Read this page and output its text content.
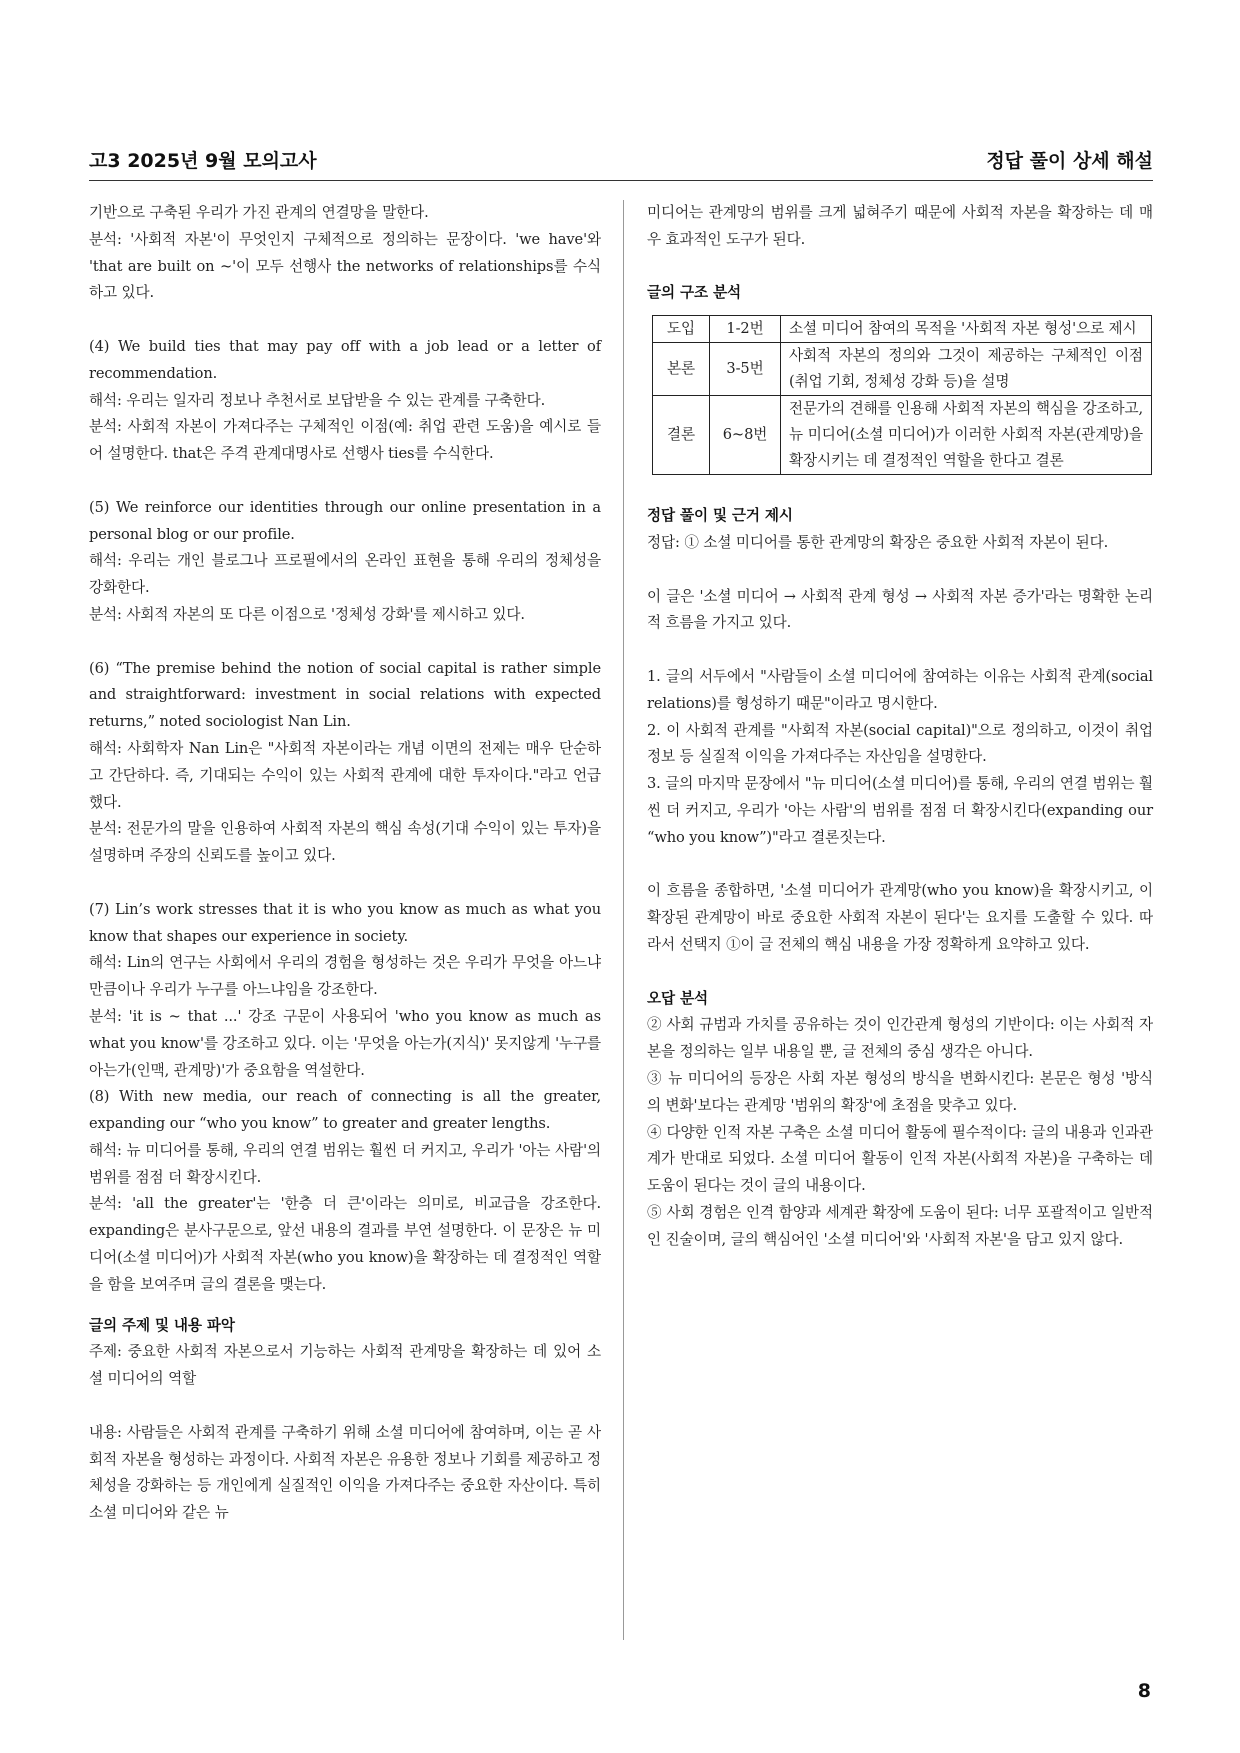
고3 2025년 9월 모의고사	정답 풀이 상세 해설

기반으로 구축된 우리가 가진 관계의 연결망을 말한다.

분석: '사회적 자본'이 무엇인지 구체적으로 정의하는 문장이다. 'we have'와 'that are built on ~'이 모두 선행사 the networks of relationships를 수식하고 있다.

(4) We build ties that may pay off with a job lead or a letter of recommendation.

해석: 우리는 일자리 정보나 추천서로 보답받을 수 있는 관계를 구축한다.

분석: 사회적 자본이 가져다주는 구체적인 이점(예: 취업 관련 도움)을 예시로 들어 설명한다. that은 주격 관계대명사로 선행사 ties를 수식한다.

(5) We reinforce our identities through our online presentation in a personal blog or our profile.

해석: 우리는 개인 블로그나 프로필에서의 온라인 표현을 통해 우리의 정체성을 강화한다.

분석: 사회적 자본의 또 다른 이점으로 '정체성 강화'를 제시하고 있다.

(6) “The premise behind the notion of social capital is rather simple and straightforward: investment in social relations with expected returns,” noted sociologist Nan Lin.

해석: 사회학자 Nan Lin은 "사회적 자본이라는 개념 이면의 전제는 매우 단순하고 간단하다. 즉, 기대되는 수익이 있는 사회적 관계에 대한 투자이다."라고 언급했다.

분석: 전문가의 말을 인용하여 사회적 자본의 핵심 속성(기대 수익이 있는 투자)을 설명하며 주장의 신뢰도를 높이고 있다.

(7) Lin’s work stresses that it is who you know as much as what you know that shapes our experience in society.

해석: Lin의 연구는 사회에서 우리의 경험을 형성하는 것은 우리가 무엇을 아느냐 만큼이나 우리가 누구를 아느냐임을 강조한다.

분석: 'it is ~ that ...' 강조 구문이 사용되어 'who you know as much as what you know'를 강조하고 있다. 이는 '무엇을 아는가(지식)' 못지않게 '누구를 아는가(인맥, 관계망)'가 중요함을 역설한다.

(8) With new media, our reach of connecting is all the greater, expanding our “who you know” to greater and greater lengths.

해석: 뉴 미디어를 통해, 우리의 연결 범위는 훨씬 더 커지고, 우리가 '아는 사람'의 범위를 점점 더 확장시킨다.

분석: 'all the greater'는 '한층 더 큰'이라는 의미로, 비교급을 강조한다. expanding은 분사구문으로, 앞선 내용의 결과를 부연 설명한다. 이 문장은 뉴 미디어(소셜 미디어)가 사회적 자본(who you know)을 확장하는 데 결정적인 역할을 함을 보여주며 글의 결론을 맺는다.

글의 주제 및 내용 파악

주제: 중요한 사회적 자본으로서 기능하는 사회적 관계망을 확장하는 데 있어 소셜 미디어의 역할

내용: 사람들은 사회적 관계를 구축하기 위해 소셜 미디어에 참여하며, 이는 곧 사회적 자본을 형성하는 과정이다. 사회적 자본은 유용한 정보나 기회를 제공하고 정체성을 강화하는 등 개인에게 실질적인 이익을 가져다주는 중요한 자산이다. 특히 소셜 미디어와 같은 뉴

미디어는 관계망의 범위를 크게 넓혀주기 때문에 사회적 자본을 확장하는 데 매우 효과적인 도구가 된다.

글의 구조 분석

도입	1-2번	소셜 미디어 참여의 목적을 '사회적 자본 형성'으로 제시
본론	3-5번	사회적 자본의 정의와 그것이 제공하는 구체적인 이점(취업 기회, 정체성 강화 등)을 설명
결론	6~8번	전문가의 견해를 인용해 사회적 자본의 핵심을 강조하고, 뉴 미디어(소셜 미디어)가 이러한 사회적 자본(관계망)을 확장시키는 데 결정적인 역할을 한다고 결론

정답 풀이 및 근거 제시

정답: ① 소셜 미디어를 통한 관계망의 확장은 중요한 사회적 자본이 된다.

이 글은 '소셜 미디어 → 사회적 관계 형성 → 사회적 자본 증가'라는 명확한 논리적 흐름을 가지고 있다.

1. 글의 서두에서 "사람들이 소셜 미디어에 참여하는 이유는 사회적 관계(social relations)를 형성하기 때문"이라고 명시한다.

2. 이 사회적 관계를 "사회적 자본(social capital)"으로 정의하고, 이것이 취업 정보 등 실질적 이익을 가져다주는 자산임을 설명한다.

3. 글의 마지막 문장에서 "뉴 미디어(소셜 미디어)를 통해, 우리의 연결 범위는 훨씬 더 커지고, 우리가 '아는 사람'의 범위를 점점 더 확장시킨다(expanding our “who you know”)"라고 결론짓는다.

이 흐름을 종합하면, '소셜 미디어가 관계망(who you know)을 확장시키고, 이 확장된 관계망이 바로 중요한 사회적 자본이 된다'는 요지를 도출할 수 있다. 따라서 선택지 ①이 글 전체의 핵심 내용을 가장 정확하게 요약하고 있다.

오답 분석

② 사회 규범과 가치를 공유하는 것이 인간관계 형성의 기반이다: 이는 사회적 자본을 정의하는 일부 내용일 뿐, 글 전체의 중심 생각은 아니다.

③ 뉴 미디어의 등장은 사회 자본 형성의 방식을 변화시킨다: 본문은 형성 '방식의 변화'보다는 관계망 '범위의 확장'에 초점을 맞추고 있다.

④ 다양한 인적 자본 구축은 소셜 미디어 활동에 필수적이다: 글의 내용과 인과관계가 반대로 되었다. 소셜 미디어 활동이 인적 자본(사회적 자본)을 구축하는 데 도움이 된다는 것이 글의 내용이다.

⑤ 사회 경험은 인격 함양과 세계관 확장에 도움이 된다: 너무 포괄적이고 일반적인 진술이며, 글의 핵심어인 '소셜 미디어'와 '사회적 자본'을 담고 있지 않다.

8
